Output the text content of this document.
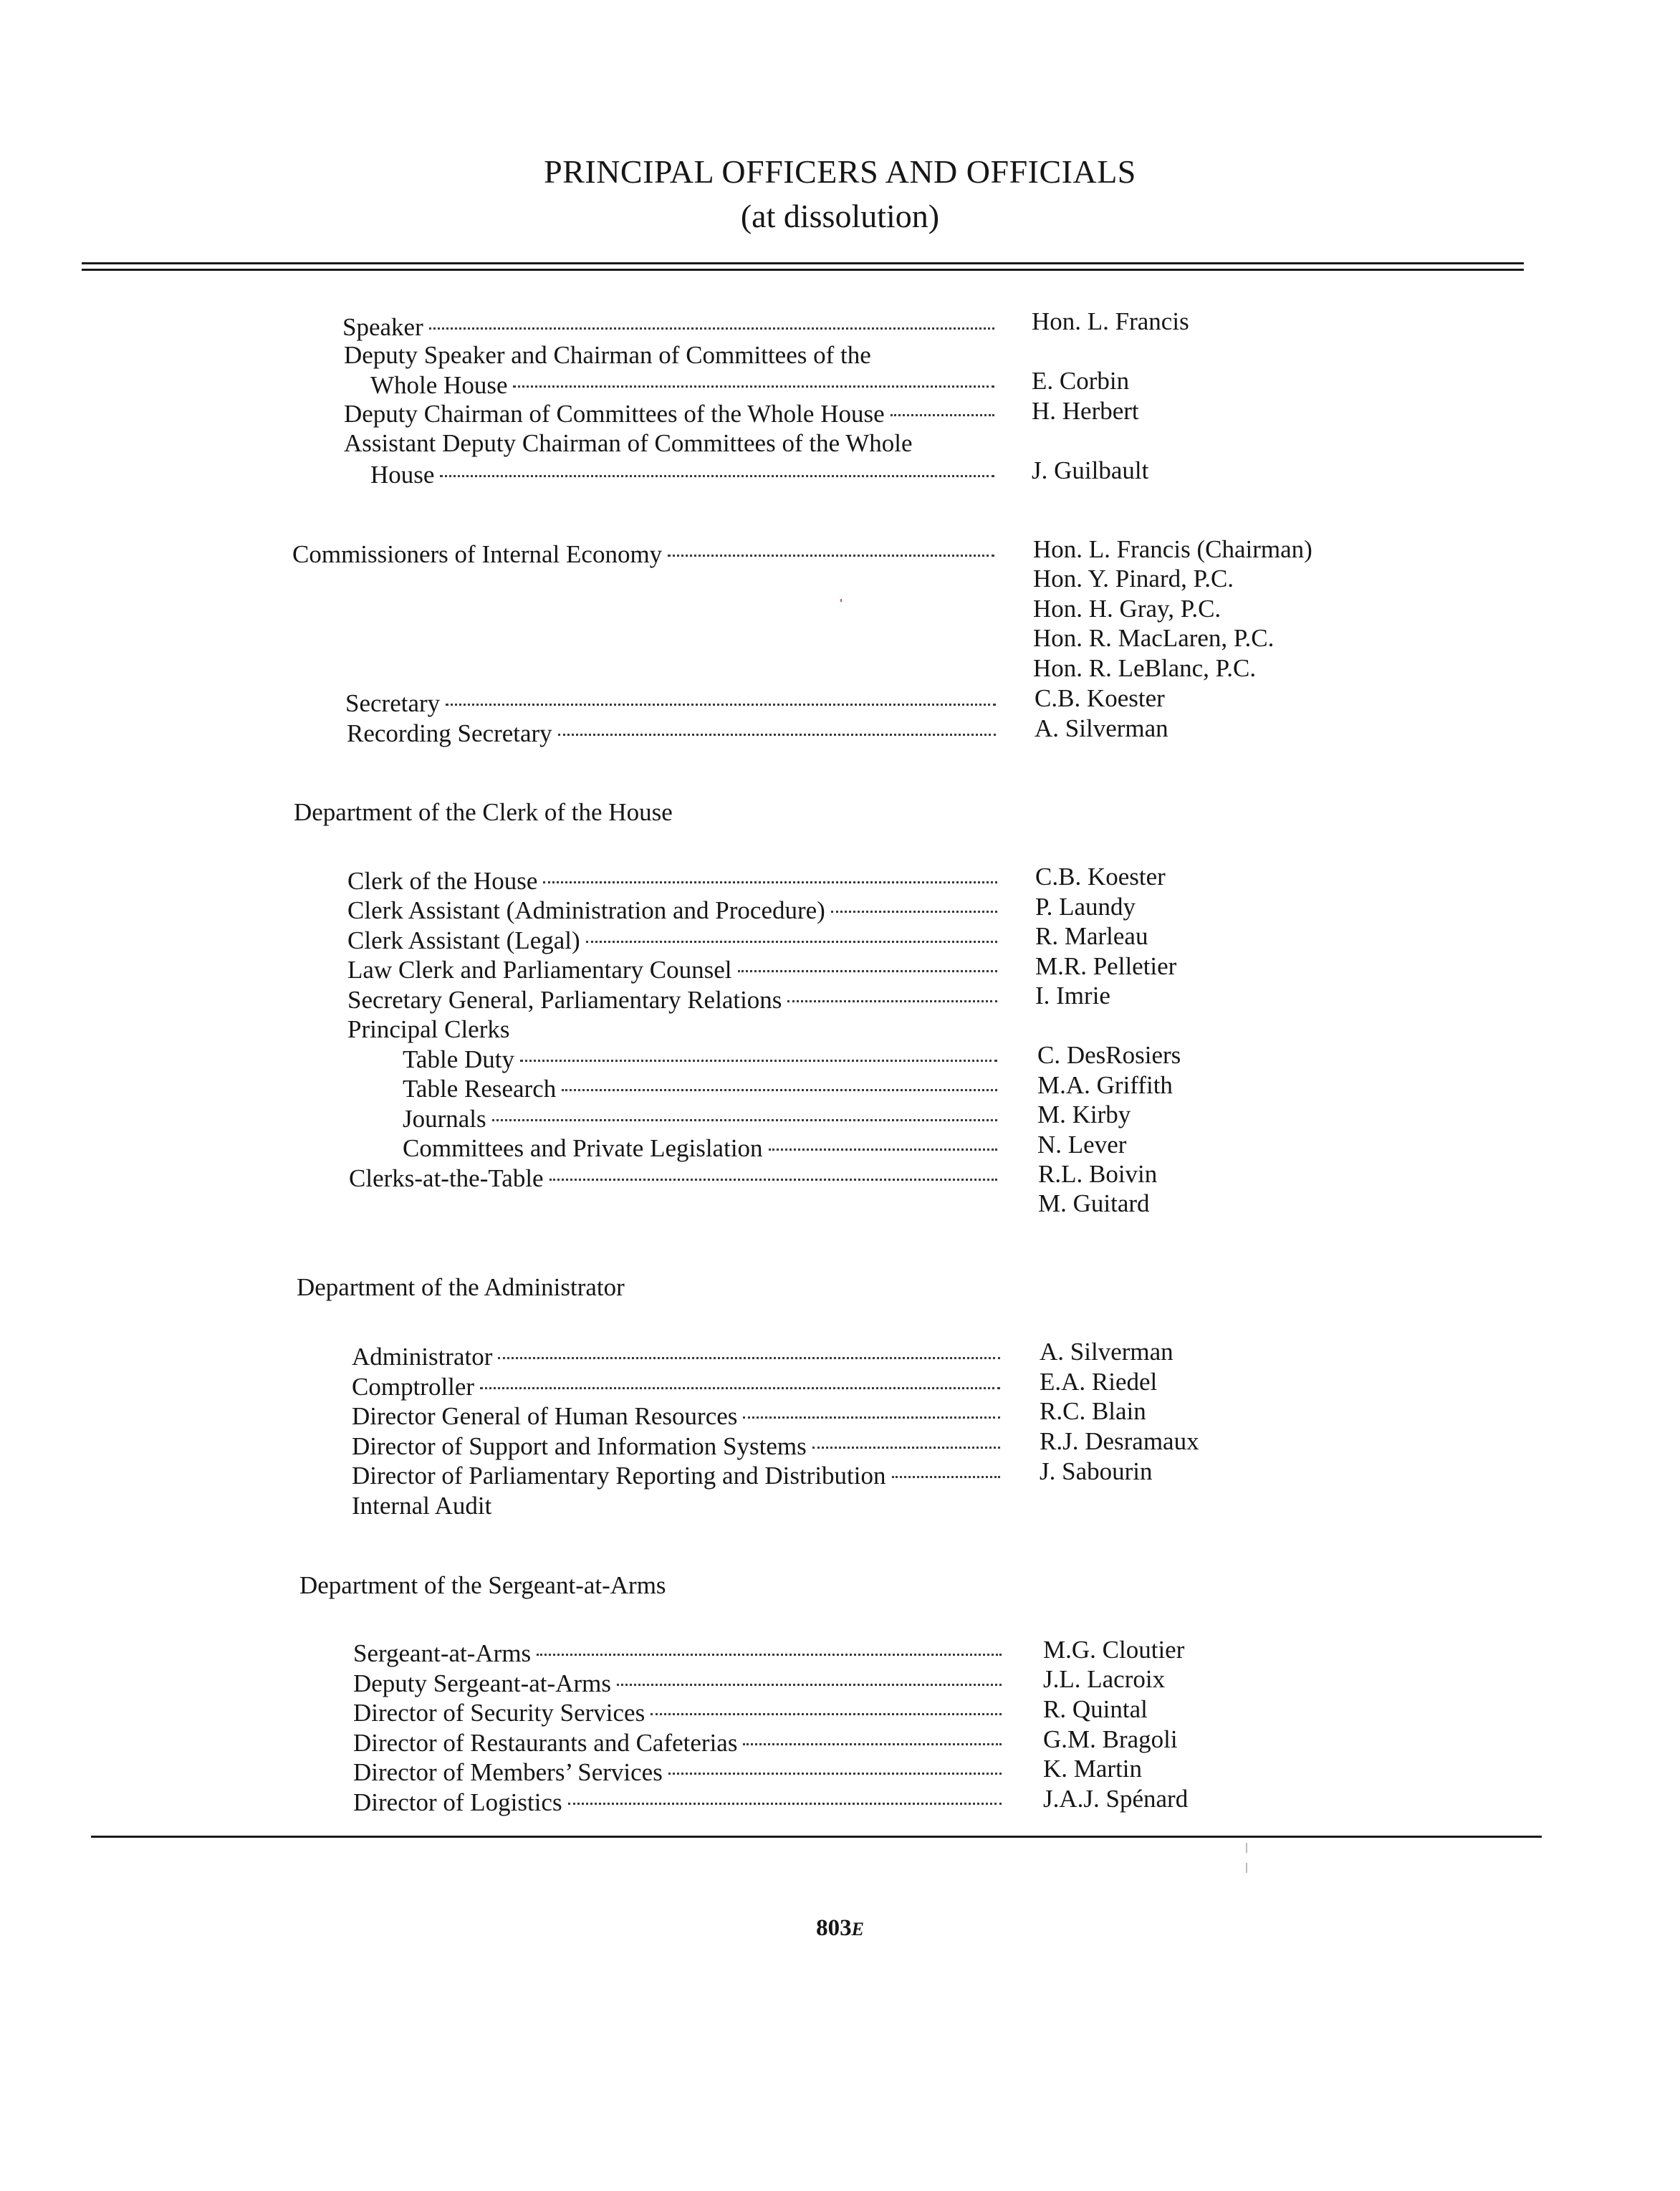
PRINCIPAL OFFICERS AND OFFICIALS
(at dissolution)
Speaker	Hon. L. Francis
Deputy Speaker and Chairman of Committees of the
Whole House	E. Corbin
Deputy Chairman of Committees of the Whole House	H. Herbert
Assistant Deputy Chairman of Committees of the Whole
House	J. Guilbault
Commissioners of Internal Economy	Hon. L. Francis (Chairman)
Hon. Y. Pinard, P.C.
Hon. H. Gray, P.C.
Hon. R. MacLaren, P.C.
Hon. R. LeBlanc, P.C.
Secretary	C.B. Koester
Recording Secretary	A. Silverman
Department of the Clerk of the House
Clerk of the House	C.B. Koester
Clerk Assistant (Administration and Procedure)	P. Laundy
Clerk Assistant (Legal)	R. Marleau
Law Clerk and Parliamentary Counsel	M.R. Pelletier
Secretary General, Parliamentary Relations	I. Imrie
Principal Clerks
Table Duty	C. DesRosiers
Table Research	M.A. Griffith
Journals	M. Kirby
Committees and Private Legislation	N. Lever
Clerks-at-the-Table	R.L. Boivin
M. Guitard
Department of the Administrator
Administrator	A. Silverman
Comptroller	E.A. Riedel
Director General of Human Resources	R.C. Blain
Director of Support and Information Systems	R.J. Desramaux
Director of Parliamentary Reporting and Distribution	J. Sabourin
Internal Audit
Department of the Sergeant-at-Arms
Sergeant-at-Arms	M.G. Cloutier
Deputy Sergeant-at-Arms	J.L. Lacroix
Director of Security Services	R. Quintal
Director of Restaurants and Cafeterias	G.M. Bragoli
Director of Members’ Services	K. Martin
Director of Logistics	J.A.J. Spénard
803E
